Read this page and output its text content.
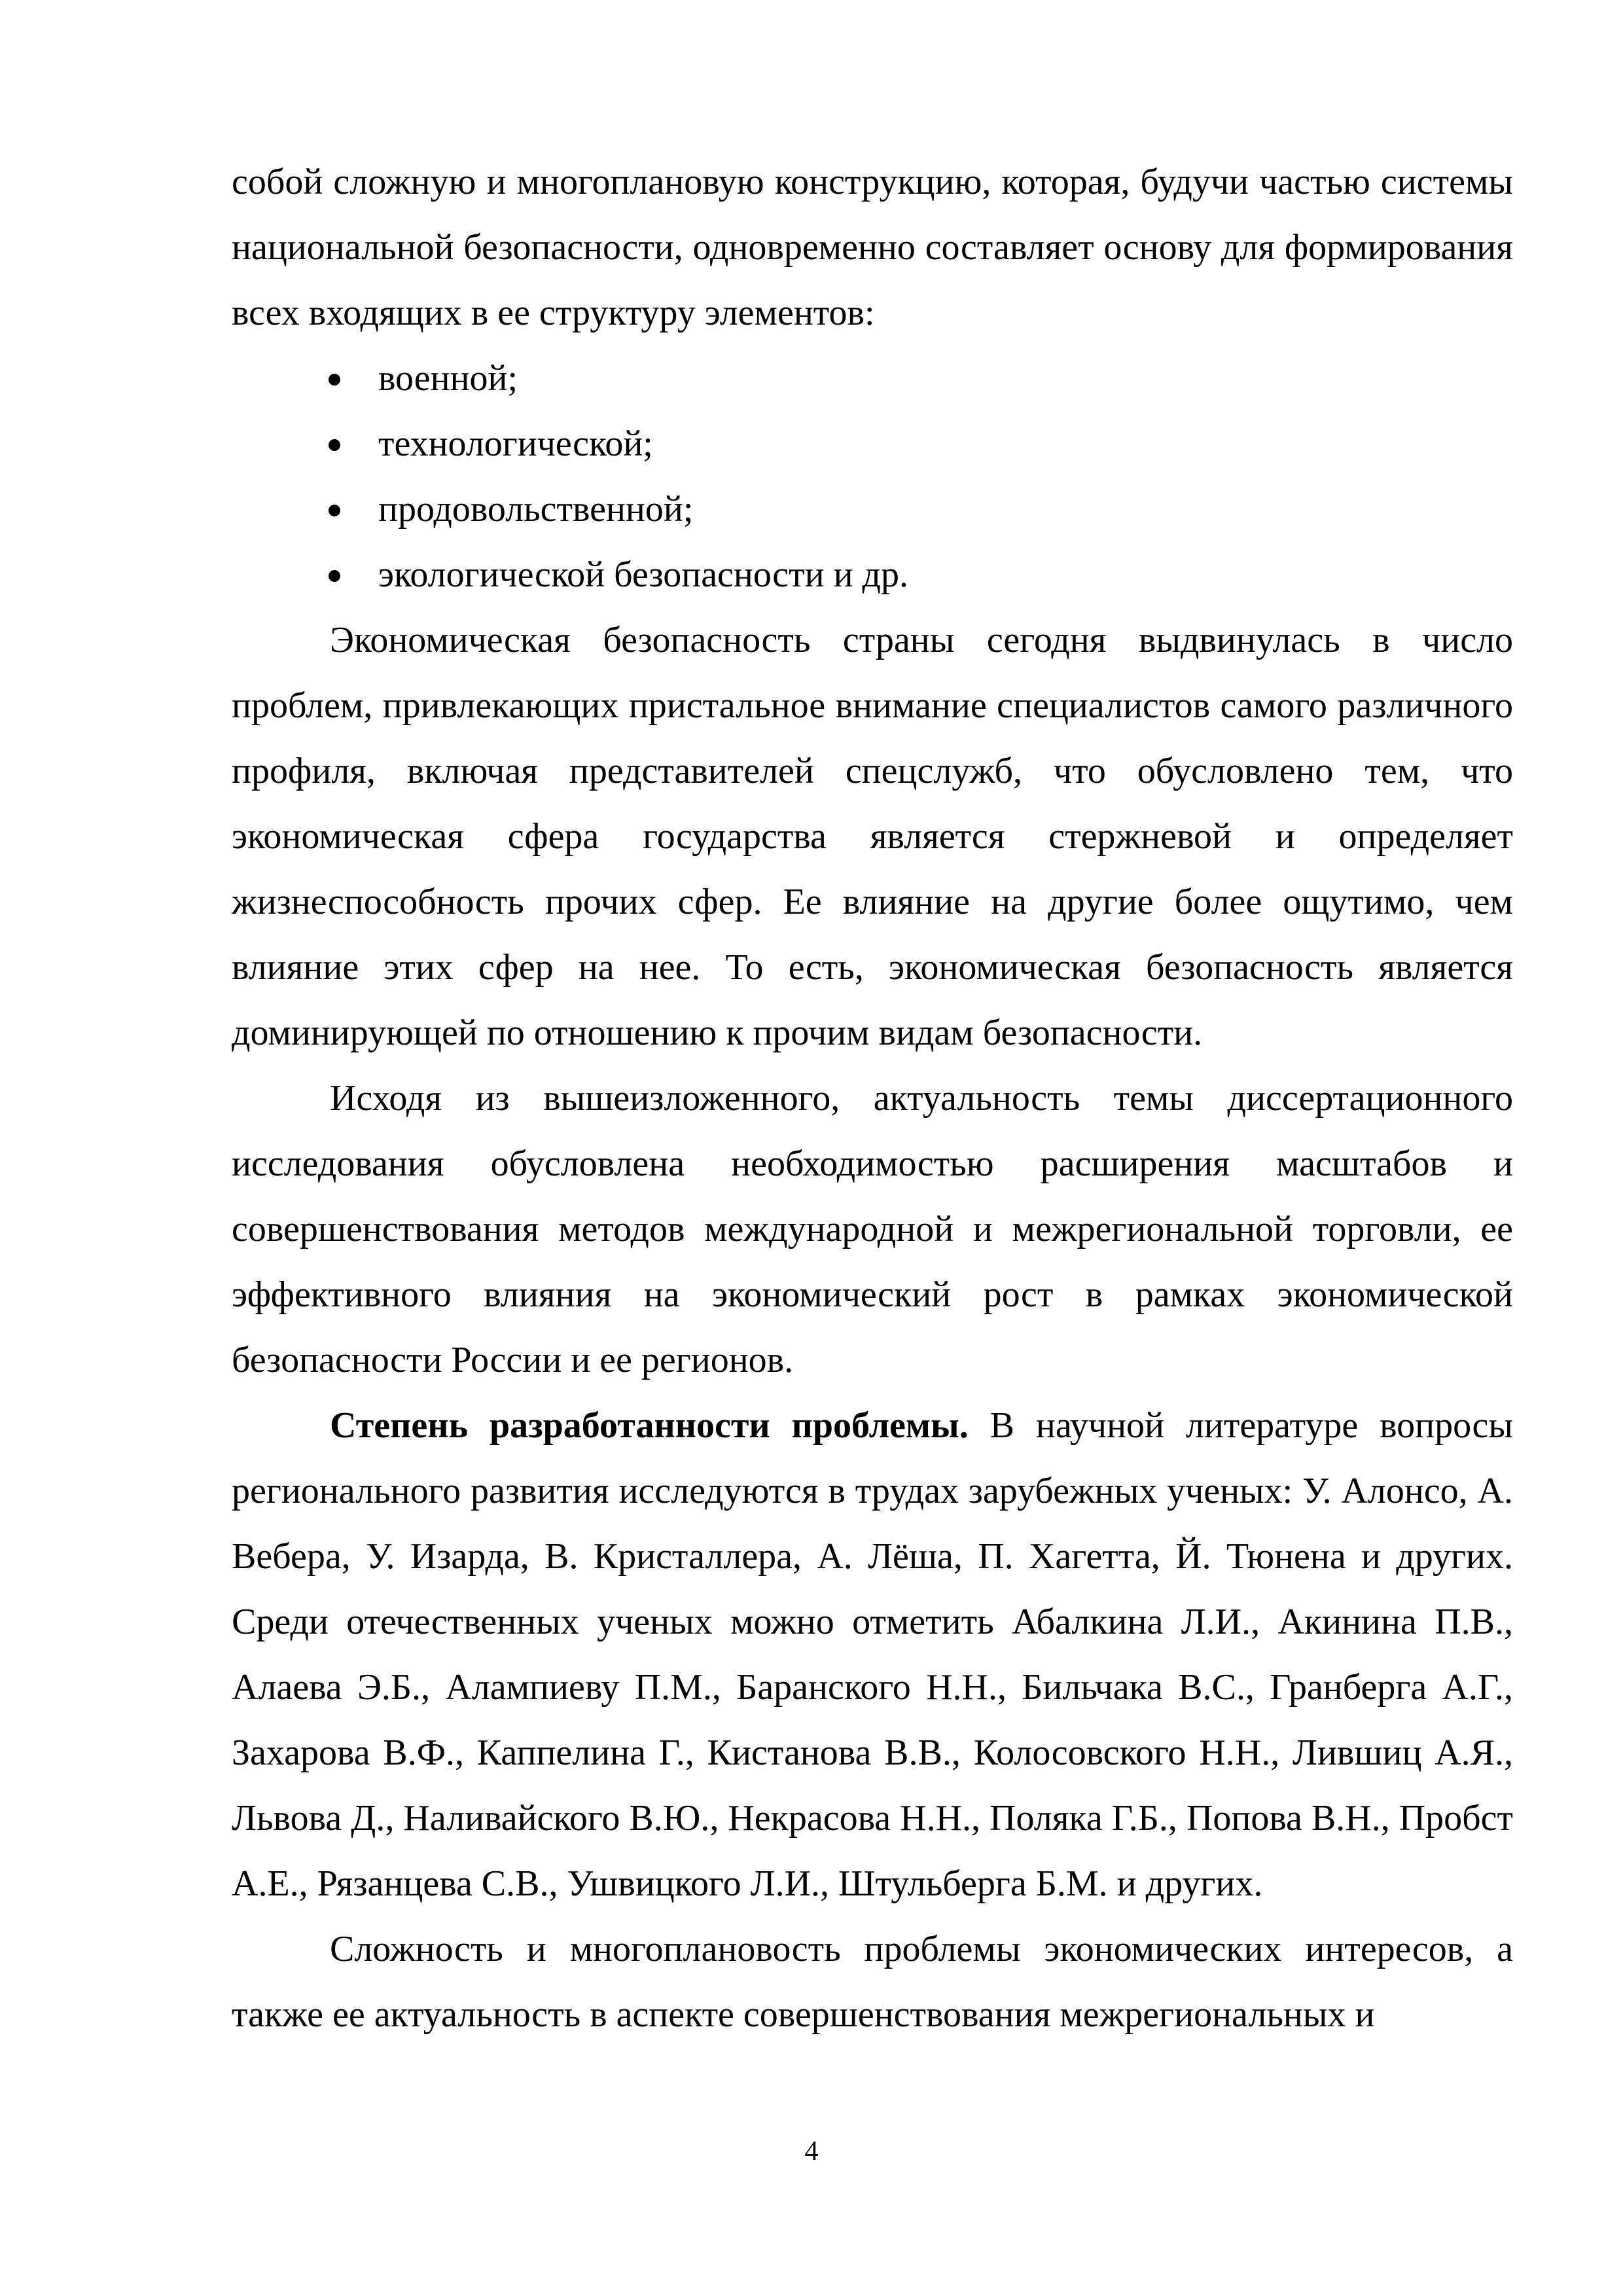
собой сложную и многоплановую конструкцию, которая, будучи частью системы национальной безопасности, одновременно составляет основу для формирования всех входящих в ее структуру элементов:

военной;
технологической;
продовольственной;
экологической безопасности и др.

Экономическая безопасность страны сегодня выдвинулась в число проблем, привлекающих пристальное внимание специалистов самого различного профиля, включая представителей спецслужб, что обусловлено тем, что экономическая сфера государства является стержневой и определяет жизнеспособность прочих сфер. Ее влияние на другие более ощутимо, чем влияние этих сфер на нее. То есть, экономическая безопасность является доминирующей по отношению к прочим видам безопасности.

Исходя из вышеизложенного, актуальность темы диссертационного исследования обусловлена необходимостью расширения масштабов и совершенствования методов международной и межрегиональной торговли, ее эффективного влияния на экономический рост в рамках экономической безопасности России и ее регионов.

Степень разработанности проблемы. В научной литературе вопросы регионального развития исследуются в трудах зарубежных ученых: У. Алонсо, А. Вебера, У. Изарда, В. Кристаллера, А. Лёша, П. Хагетта, Й. Тюнена и других. Среди отечественных ученых можно отметить Абалкина Л.И., Акинина П.В., Алаева Э.Б., Алампиеву П.М., Баранского Н.Н., Бильчака В.С., Гранберга А.Г., Захарова В.Ф., Каппелина Г., Кистанова В.В., Колосовского Н.Н., Лившиц А.Я., Львова Д., Наливайского В.Ю., Некрасова Н.Н., Поляка Г.Б., Попова В.Н., Пробст А.Е., Рязанцева С.В., Ушвицкого Л.И., Штульберга Б.М. и других.

Сложность и многоплановость проблемы экономических интересов, а также ее актуальность в аспекте совершенствования межрегиональных и

4
